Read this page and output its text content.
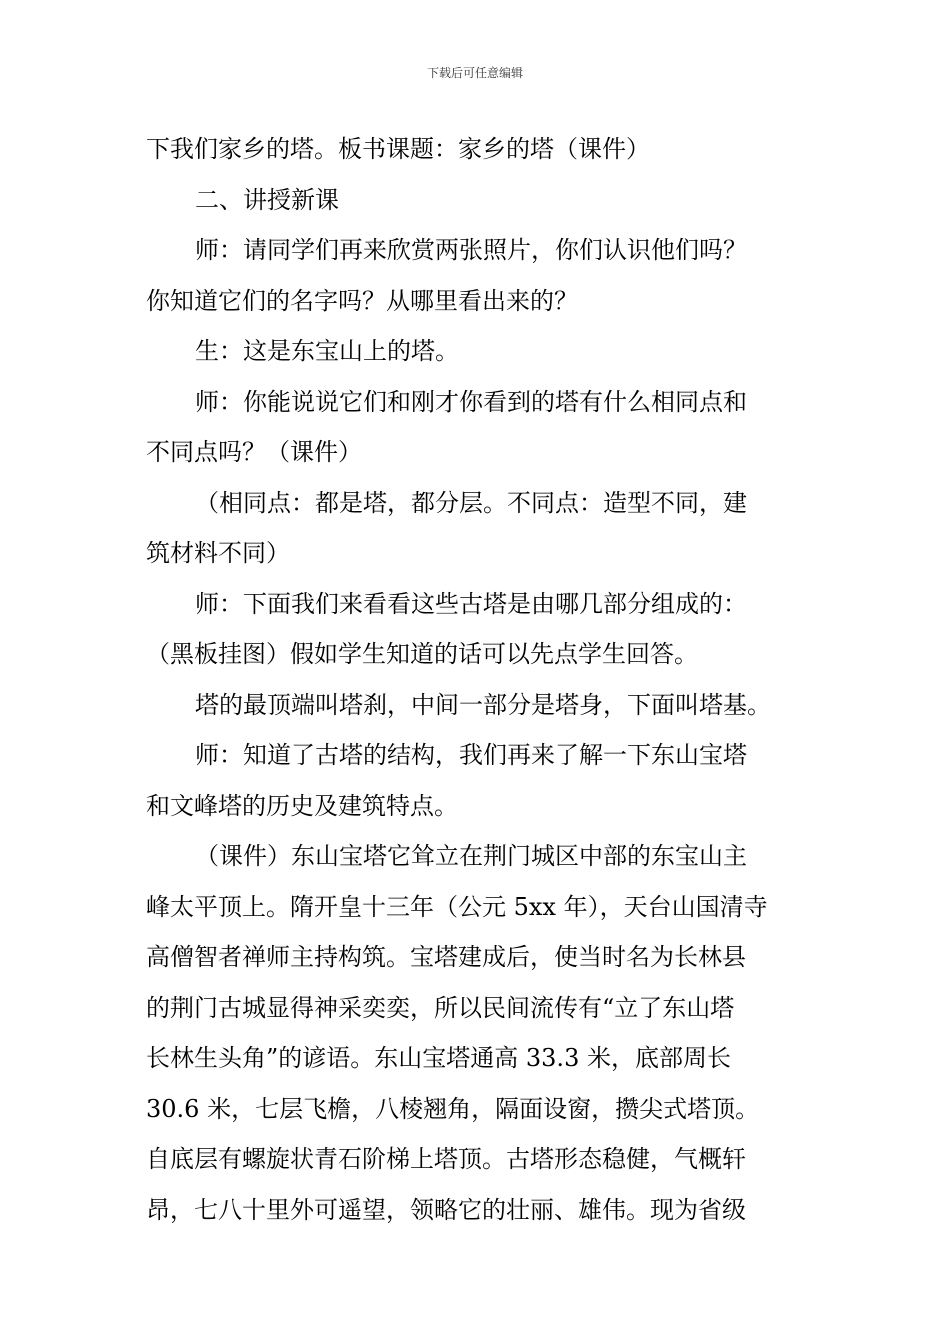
下载后可任意编辑

下我们家乡的塔。板书课题：家乡的塔（课件）

二、讲授新课

师：请同学们再来欣赏两张照片，你们认识他们吗？
你知道它们的名字吗？从哪里看出来的？

生：这是东宝山上的塔。

师：你能说说它们和刚才你看到的塔有什么相同点和
不同点吗？（课件）

（相同点：都是塔，都分层。不同点：造型不同，建
筑材料不同）

师：下面我们来看看这些古塔是由哪几部分组成的：
（黑板挂图）假如学生知道的话可以先点学生回答。

塔的最顶端叫塔刹，中间一部分是塔身，下面叫塔基。

师：知道了古塔的结构，我们再来了解一下东山宝塔
和文峰塔的历史及建筑特点。

（课件）东山宝塔它耸立在荆门城区中部的东宝山主
峰太平顶上。隋开皇十三年（公元 5xx 年），天台山国清寺
高僧智者禅师主持构筑。宝塔建成后，使当时名为长林县
的荆门古城显得神采奕奕，所以民间流传有“立了东山塔
长林生头角”的谚语。东山宝塔通高 33.3 米，底部周长
30.6 米，七层飞檐，八棱翘角，隔面设窗，攒尖式塔顶。
自底层有螺旋状青石阶梯上塔顶。古塔形态稳健，气概轩
昂，七八十里外可遥望，领略它的壮丽、雄伟。现为省级
